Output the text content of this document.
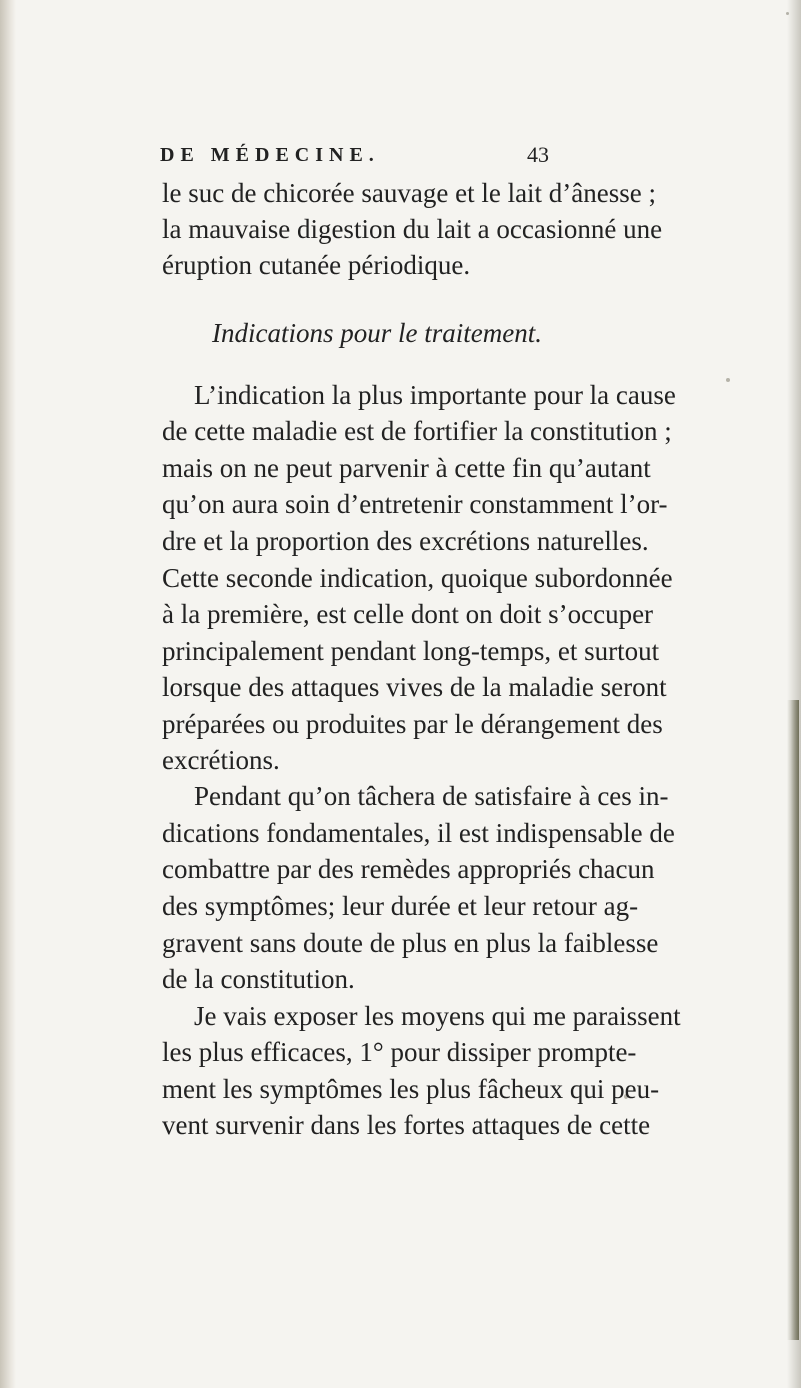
DE MÉDECINE.	43
le suc de chicorée sauvage et le lait d’ânesse ;
la mauvaise digestion du lait a occasionné une
éruption cutanée périodique.
Indications pour le traitement.
L’indication la plus importante pour la cause
de cette maladie est de fortifier la constitution ;
mais on ne peut parvenir à cette fin qu’autant
qu’on aura soin d’entretenir constamment l’or-
dre et la proportion des excrétions naturelles.
Cette seconde indication, quoique subordonnée
à la première, est celle dont on doit s’occuper
principalement pendant long-temps, et surtout
lorsque des attaques vives de la maladie seront
préparées ou produites par le dérangement des
excrétions.
Pendant qu’on tâchera de satisfaire à ces in-
dications fondamentales, il est indispensable de
combattre par des remèdes appropriés chacun
des symptômes; leur durée et leur retour ag-
gravent sans doute de plus en plus la faiblesse
de la constitution.
Je vais exposer les moyens qui me paraissent
les plus efficaces, 1° pour dissiper prompte-
ment les symptômes les plus fâcheux qui peu-
vent survenir dans les fortes attaques de cette
